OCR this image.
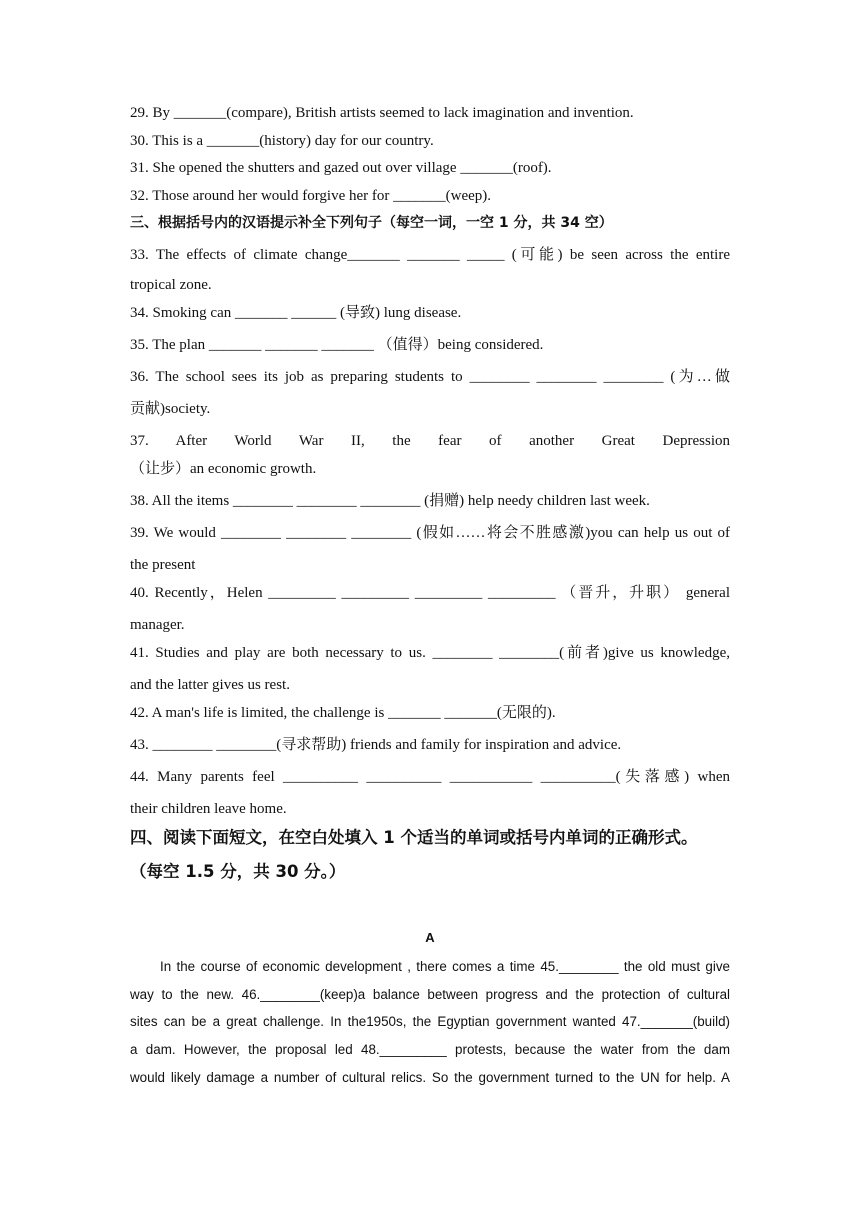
29. By _______(compare), British artists seemed to lack imagination and invention.
30. This is a _______(history) day for our country.
31. She opened the shutters and gazed out over village _______(roof).
32. Those around her would forgive her for _______(weep).
三、根据括号内的汉语提示补全下列句子（每空一词，一空 1 分，共 34 空）
33. The effects of climate change_______ _______ _____ (可能) be seen across the entire
tropical zone.
34. Smoking can _______ ______ (导致) lung disease.
35. The plan _______ _______ _______ （值得）being considered.
36. The school sees its job as preparing students to ________ ________ ________ (为…做
贡献)society.
37. After World War II, the fear of another Great Depression
（让步）an economic growth.
38. All the items ________ ________ ________ (捐赠) help needy children last week.
39. We would ________ ________ ________ (假如……将会不胜感激)you can help us out of
the present
40. Recently，Helen _________ _________ _________ _________ （晋升，升职） general
manager.
41. Studies and play are both necessary to us. ________ ________(前者)give us knowledge,
and the latter gives us rest.
42. A man's life is limited, the challenge is _______ _______(无限的).
43. ________ ________(寻求帮助) friends and family for inspiration and advice.
44. Many parents feel __________ __________ ___________ __________(失落感) when
their children leave home.
四、阅读下面短文，在空白处填入 1 个适当的单词或括号内单词的正确形式。
（每空 1.5 分，共 30 分。）
A
In the course of economic development , there comes a time 45.________ the old must give
way to the new. 46.________(keep)a balance between progress and the protection of cultural
sites can be a great challenge. In the1950s, the Egyptian government wanted 47._______(build)
a dam. However, the proposal led 48._________ protests, because the water from the dam
would likely damage a number of cultural relics. So the government turned to the UN for help. A
